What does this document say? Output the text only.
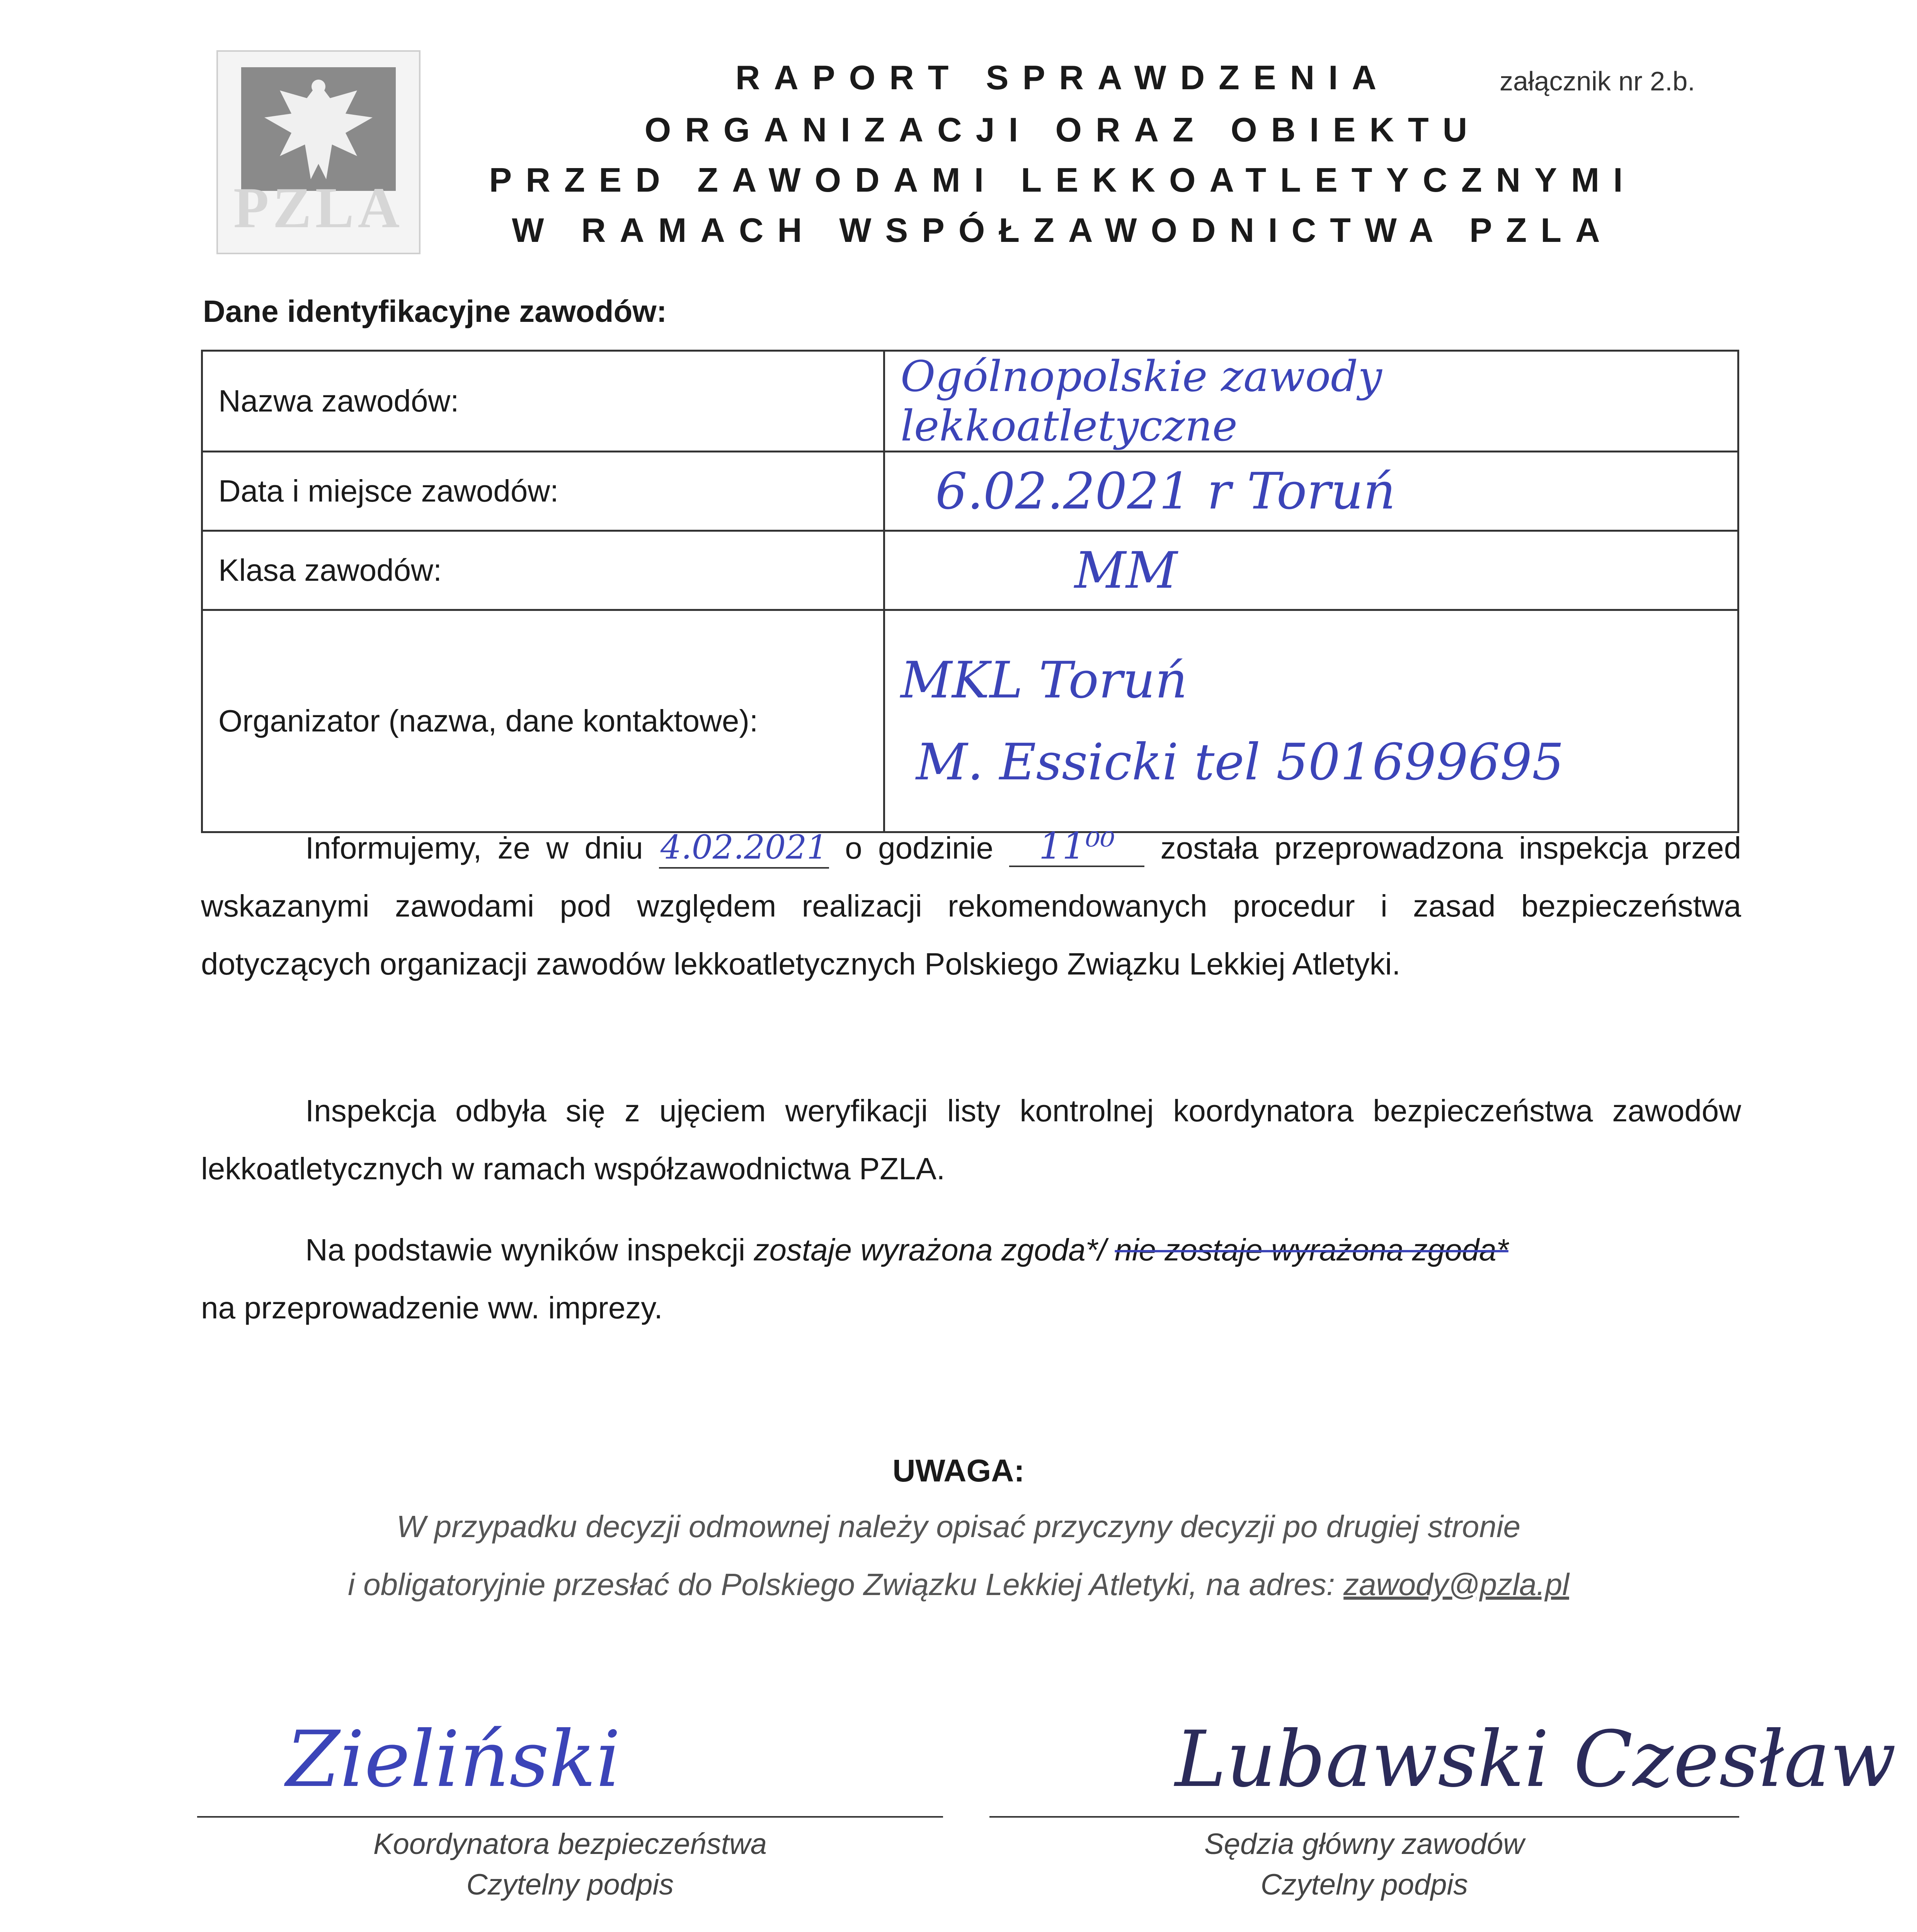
PZLA
RAPORT SPRAWDZENIA
ORGANIZACJI ORAZ OBIEKTU
PRZED ZAWODAMI LEKKOATLETYCZNYMI
W RAMACH WSPÓŁZAWODNICTWA PZLA
załącznik nr 2.b.
Dane identyfikacyjne zawodów:
Nazwa zawodów:	Ogólnopolskie zawody lekkoatletyczne
Data i miejsce zawodów:	6.02.2021 r Toruń
Klasa zawodów:	MM
Organizator (nazwa, dane kontaktowe):	MKL Toruń
M. Essicki tel 501699695
Informujemy, że w dniu 4.02.2021 o godzinie 11⁰⁰ została przeprowadzona inspekcja przed wskazanymi zawodami pod względem realizacji rekomendowanych procedur i zasad bezpieczeństwa dotyczących organizacji zawodów lekkoatletycznych Polskiego Związku Lekkiej Atletyki.
Inspekcja odbyła się z ujęciem weryfikacji listy kontrolnej koordynatora bezpieczeństwa zawodów lekkoatletycznych w ramach współzawodnictwa PZLA.
Na podstawie wyników inspekcji zostaje wyrażona zgoda*/ nie zostaje wyrażona zgoda*
na przeprowadzenie ww. imprezy.
UWAGA:
W przypadku decyzji odmownej należy opisać przyczyny decyzji po drugiej stronie
i obligatoryjnie przesłać do Polskiego Związku Lekkiej Atletyki, na adres: zawody@pzla.pl
Zieliński
Koordynatora bezpieczeństwa
Czytelny podpis
Lubawski Czesław
Sędzia główny zawodów
Czytelny podpis
